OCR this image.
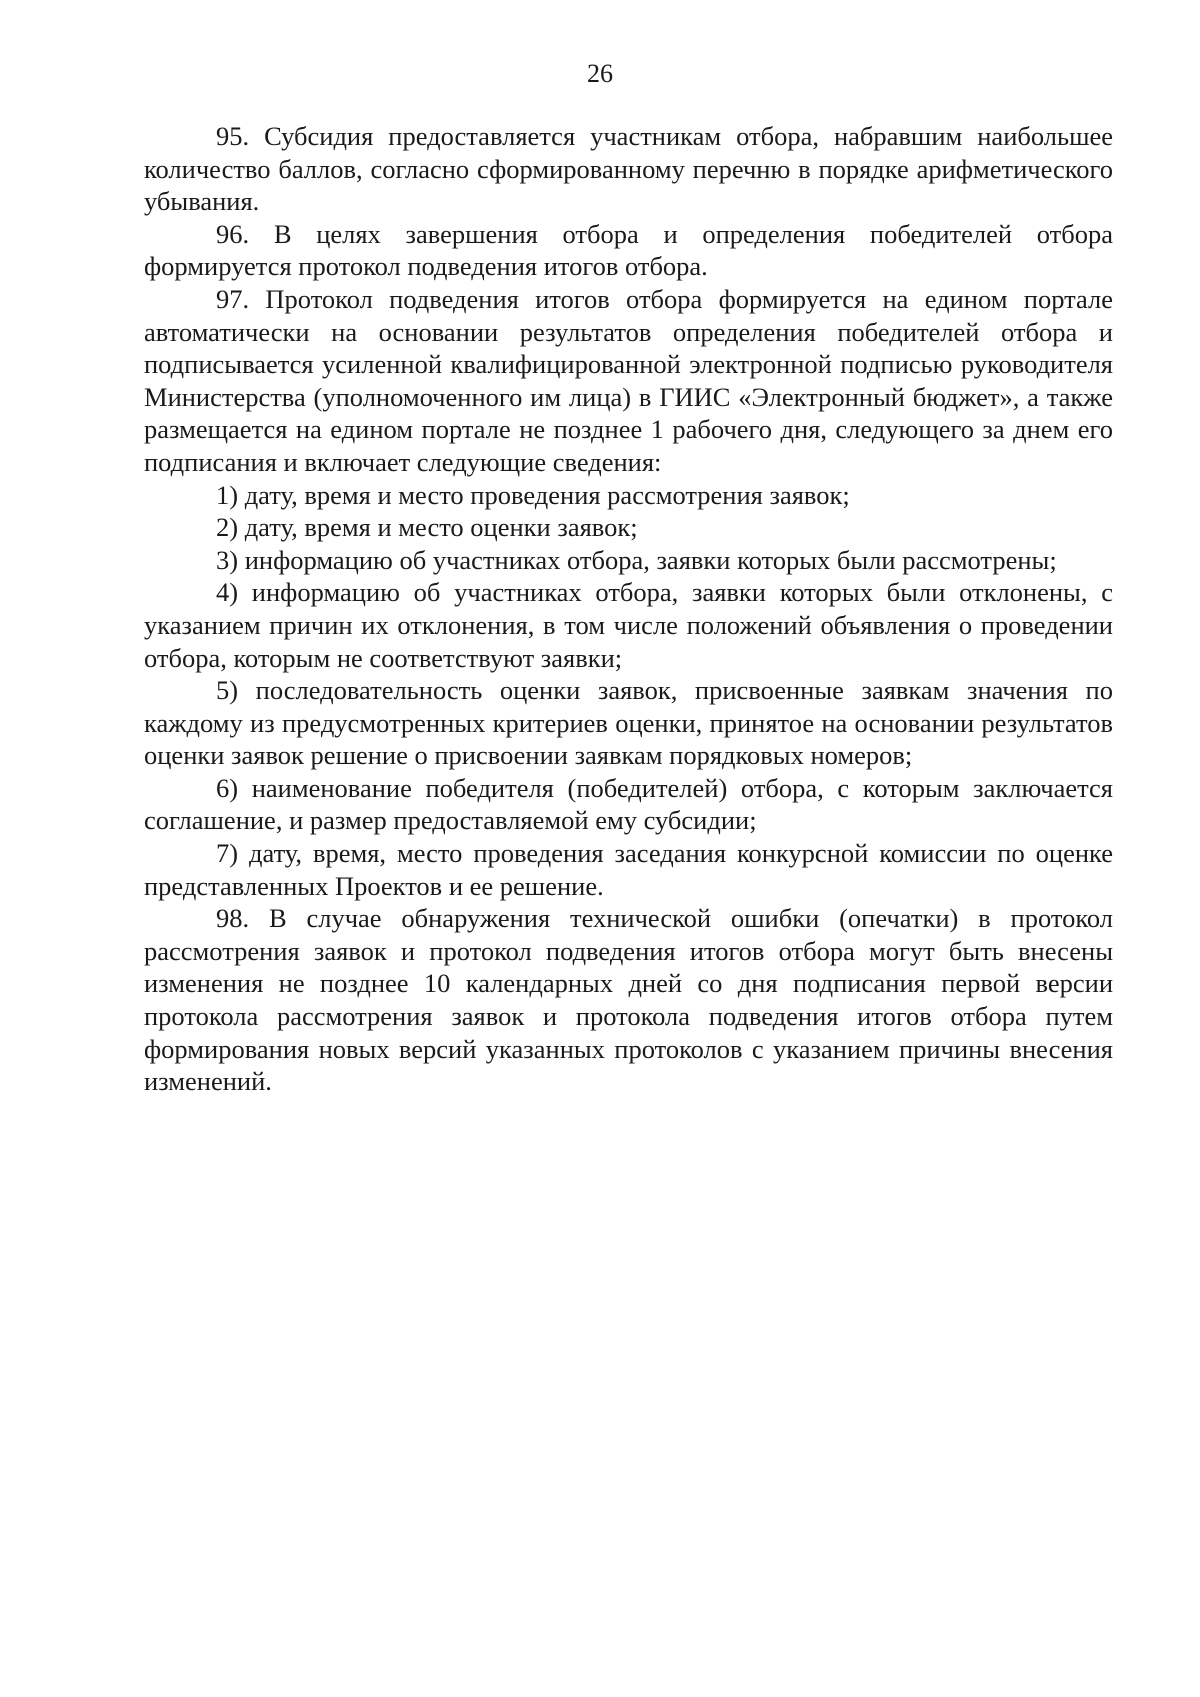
26

95. Субсидия предоставляется участникам отбора, набравшим наибольшее количество баллов, согласно сформированному перечню в порядке арифметического убывания.

96. В целях завершения отбора и определения победителей отбора формируется протокол подведения итогов отбора.

97. Протокол подведения итогов отбора формируется на едином портале автоматически на основании результатов определения победителей отбора и подписывается усиленной квалифицированной электронной подписью руководителя Министерства (уполномоченного им лица) в ГИИС «Электронный бюджет», а также размещается на едином портале не позднее 1 рабочего дня, следующего за днем его подписания и включает следующие сведения:

1) дату, время и место проведения рассмотрения заявок;

2) дату, время и место оценки заявок;

3) информацию об участниках отбора, заявки которых были рассмотрены;

4) информацию об участниках отбора, заявки которых были отклонены, с указанием причин их отклонения, в том числе положений объявления о проведении отбора, которым не соответствуют заявки;

5) последовательность оценки заявок, присвоенные заявкам значения по каждому из предусмотренных критериев оценки, принятое на основании результатов оценки заявок решение о присвоении заявкам порядковых номеров;

6) наименование победителя (победителей) отбора, с которым заключается соглашение, и размер предоставляемой ему субсидии;

7) дату, время, место проведения заседания конкурсной комиссии по оценке представленных Проектов и ее решение.

98. В случае обнаружения технической ошибки (опечатки) в протокол рассмотрения заявок и протокол подведения итогов отбора могут быть внесены изменения не позднее 10 календарных дней со дня подписания первой версии протокола рассмотрения заявок и протокола подведения итогов отбора путем формирования новых версий указанных протоколов с указанием причины внесения изменений.
